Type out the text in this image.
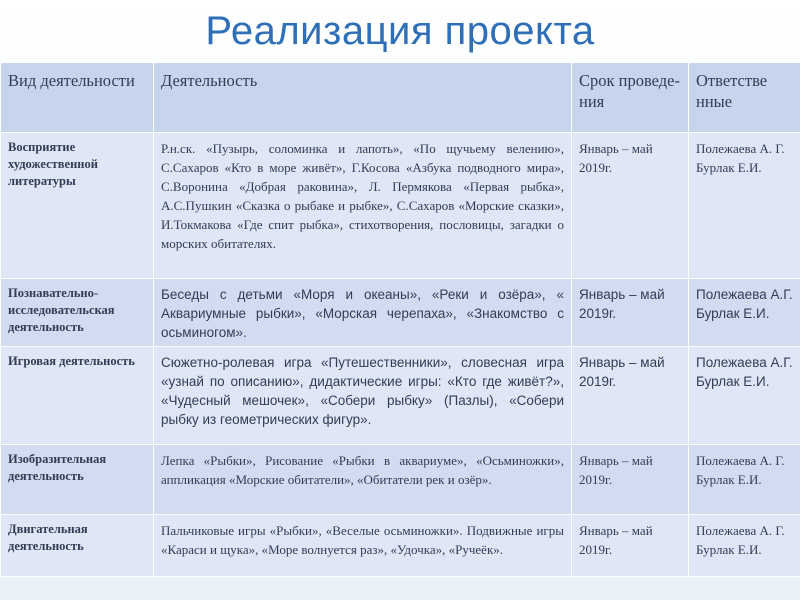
Реализация проекта
Вид деятельности	Деятельность	Срок проведе-ния	Ответстве нные
Восприятие художественной литературы	Р.н.ск. «Пузырь, соломинка и лапоть», «По щучьему велению», С.Сахаров «Кто в море живёт», Г.Косова «Азбука подводного мира», С.Воронина «Добрая раковина», Л. Пермякова «Первая рыбка», А.С.Пушкин «Сказка о рыбаке и рыбке», С.Сахаров «Морские сказки», И.Токмакова «Где спит рыбка», стихотворения, пословицы, загадки о морских обитателях.	Январь – май 2019г.	Полежаева А. Г.
Бурлак Е.И.

Познавательно-исследовательская деятельность	Беседы с детьми «Моря и океаны», «Реки и озёра», « Аквариумные рыбки», «Морская черепаха», «Знакомство с осьминогом».	Январь – май 2019г.	Полежаева А.Г.
Бурлак Е.И.

Игровая деятельность	Сюжетно-ролевая игра «Путешественники», словесная игра «узнай по описанию», дидактические игры: «Кто где живёт?», «Чудесный мешочек», «Собери рыбку» (Пазлы), «Собери рыбку из геометрических фигур».	Январь – май 2019г.	Полежаева А.Г.
Бурлак Е.И.

Изобразительная деятельность	Лепка «Рыбки», Рисование «Рыбки в аквариуме», «Осьминожки», аппликация «Морские обитатели», «Обитатели рек и озёр».	Январь – май 2019г.	Полежаева А. Г.
Бурлак Е.И.

Двигательная деятельность	Пальчиковые игры «Рыбки», «Веселые осьминожки». Подвижные игры «Караси и щука», «Море волнуется раз», «Удочка», «Ручеёк».	Январь – май 2019г.	Полежаева А. Г.
Бурлак Е.И.
